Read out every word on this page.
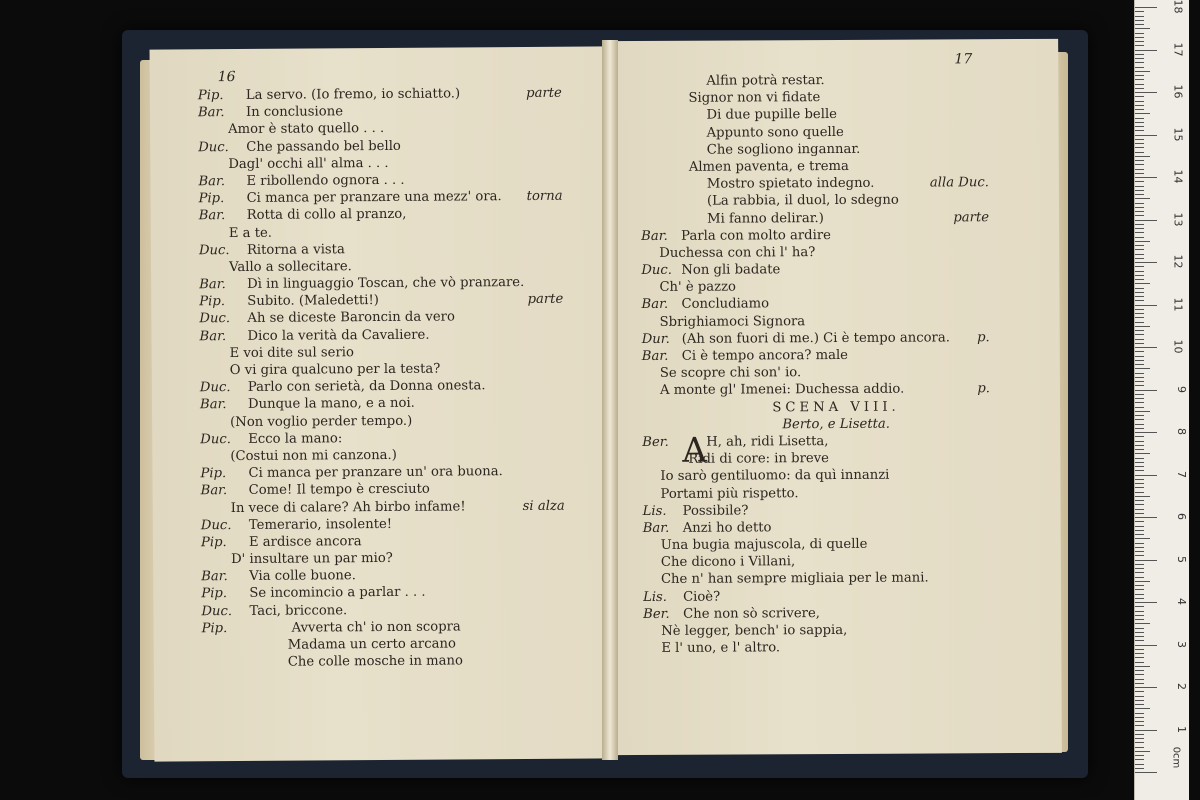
16
Pip. La servo. (Io fremo, io schiatto.)	parte
Bar. In conclusione
Amor è stato quello . . .
Duc. Che passando bel bello
Dagl' occhi all' alma . . .
Bar. E ribollendo ognora . . .
Pip. Ci manca per pranzare una mezz' ora. torna
Bar. Rotta di collo al pranzo,
E a te.
Duc. Ritorna a vista
Vallo a sollecitare.
Bar. Dì in linguaggio Toscan, che vò pranzare.
Pip. Subito. (Maledetti!)	parte
Duc. Ah se diceste Baroncin da vero
Bar. Dico la verità da Cavaliere.
E voi dite sul serio
O vi gira qualcuno per la testa?
Duc. Parlo con serietà, da Donna onesta.
Bar. Dunque la mano, e a noi.
(Non voglio perder tempo.)
Duc. Ecco la mano:
(Costui non mi canzona.)
Pip. Ci manca per pranzare un' ora buona.
Bar. Come! Il tempo è cresciuto
In vece di calare? Ah birbo infame!	si alza
Duc. Temerario, insolente!
Pip. E ardisce ancora
D' insultare un par mio?
Bar. Via colle buone.
Pip. Se incomincio a parlar . . .
Duc. Taci, briccone.
Pip.	Avverta ch' io non scopra
Madama un certo arcano
Che colle mosche in mano
17
Alfin potrà restar.
Signor non vi fidate
Di due pupille belle
Appunto sono quelle
Che sogliono ingannar.
Almen paventa, e trema
Mostro spietato indegno.	alla Duc.
(La rabbia, il duol, lo sdegno
Mi fanno delirar.)	parte
Bar. Parla con molto ardire
Duchessa con chi l' ha?
Duc. Non gli badate
Ch' è pazzo
Bar. Concludiamo
Sbrighiamoci Signora
Dur. (Ah son fuori di me.) Ci è tempo ancora. p.
Bar. Ci è tempo ancora? male
Se scopre chi son' io.
A monte gl' Imenei: Duchessa addio.	p.
SCENA VIII.
Berto, e Lisetta.
Ber. A H, ah, ridi Lisetta,
Ridi di core: in breve
Io sarò gentiluomo: da quì innanzi
Portami più rispetto.
Lis. Possibile?
Bar. Anzi ho detto
Una bugia majuscola, di quelle
Che dicono i Villani,
Che n' han sempre migliaia per le mani.
Lis. Cioè?
Ber. Che non sò scrivere,
Nè legger, bench' io sappia,
E l' uno, e l' altro.
0cm
1
2
3
4
5
6
7
8
9
10
11
12
13
14
15
16
17
18
